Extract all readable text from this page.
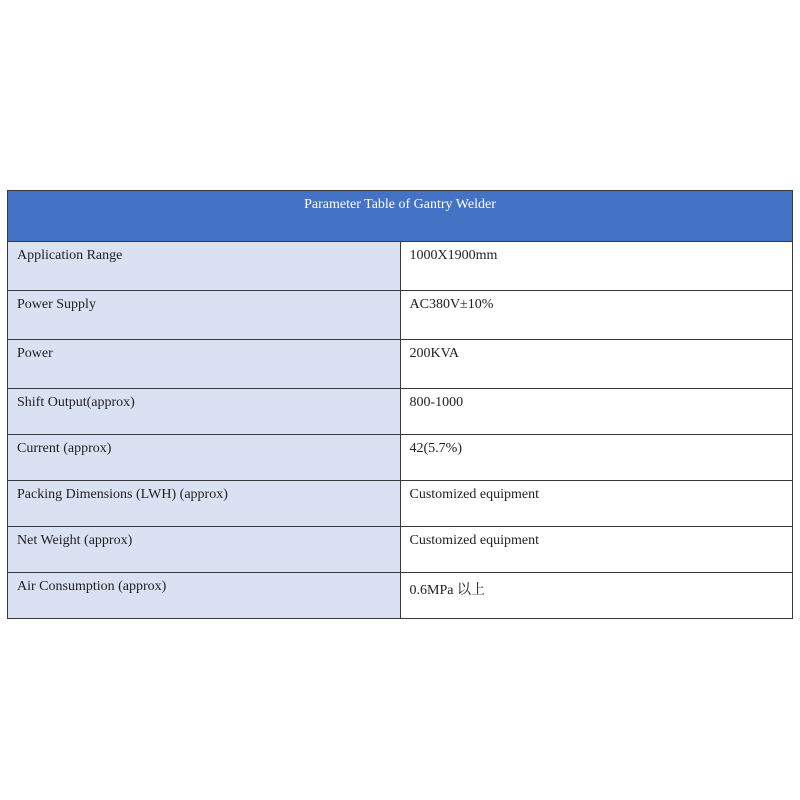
Parameter Table of Gantry Welder	

Application Range	1000X1900mm

Power Supply	AC380V±10%

Power	200KVA

Shift Output(approx)	800-1000

Current (approx)	42(5.7%)

Packing Dimensions (LWH) (approx)	Customized equipment

Net Weight (approx)	Customized equipment

Air Consumption (approx)	0.6MPa 以上
